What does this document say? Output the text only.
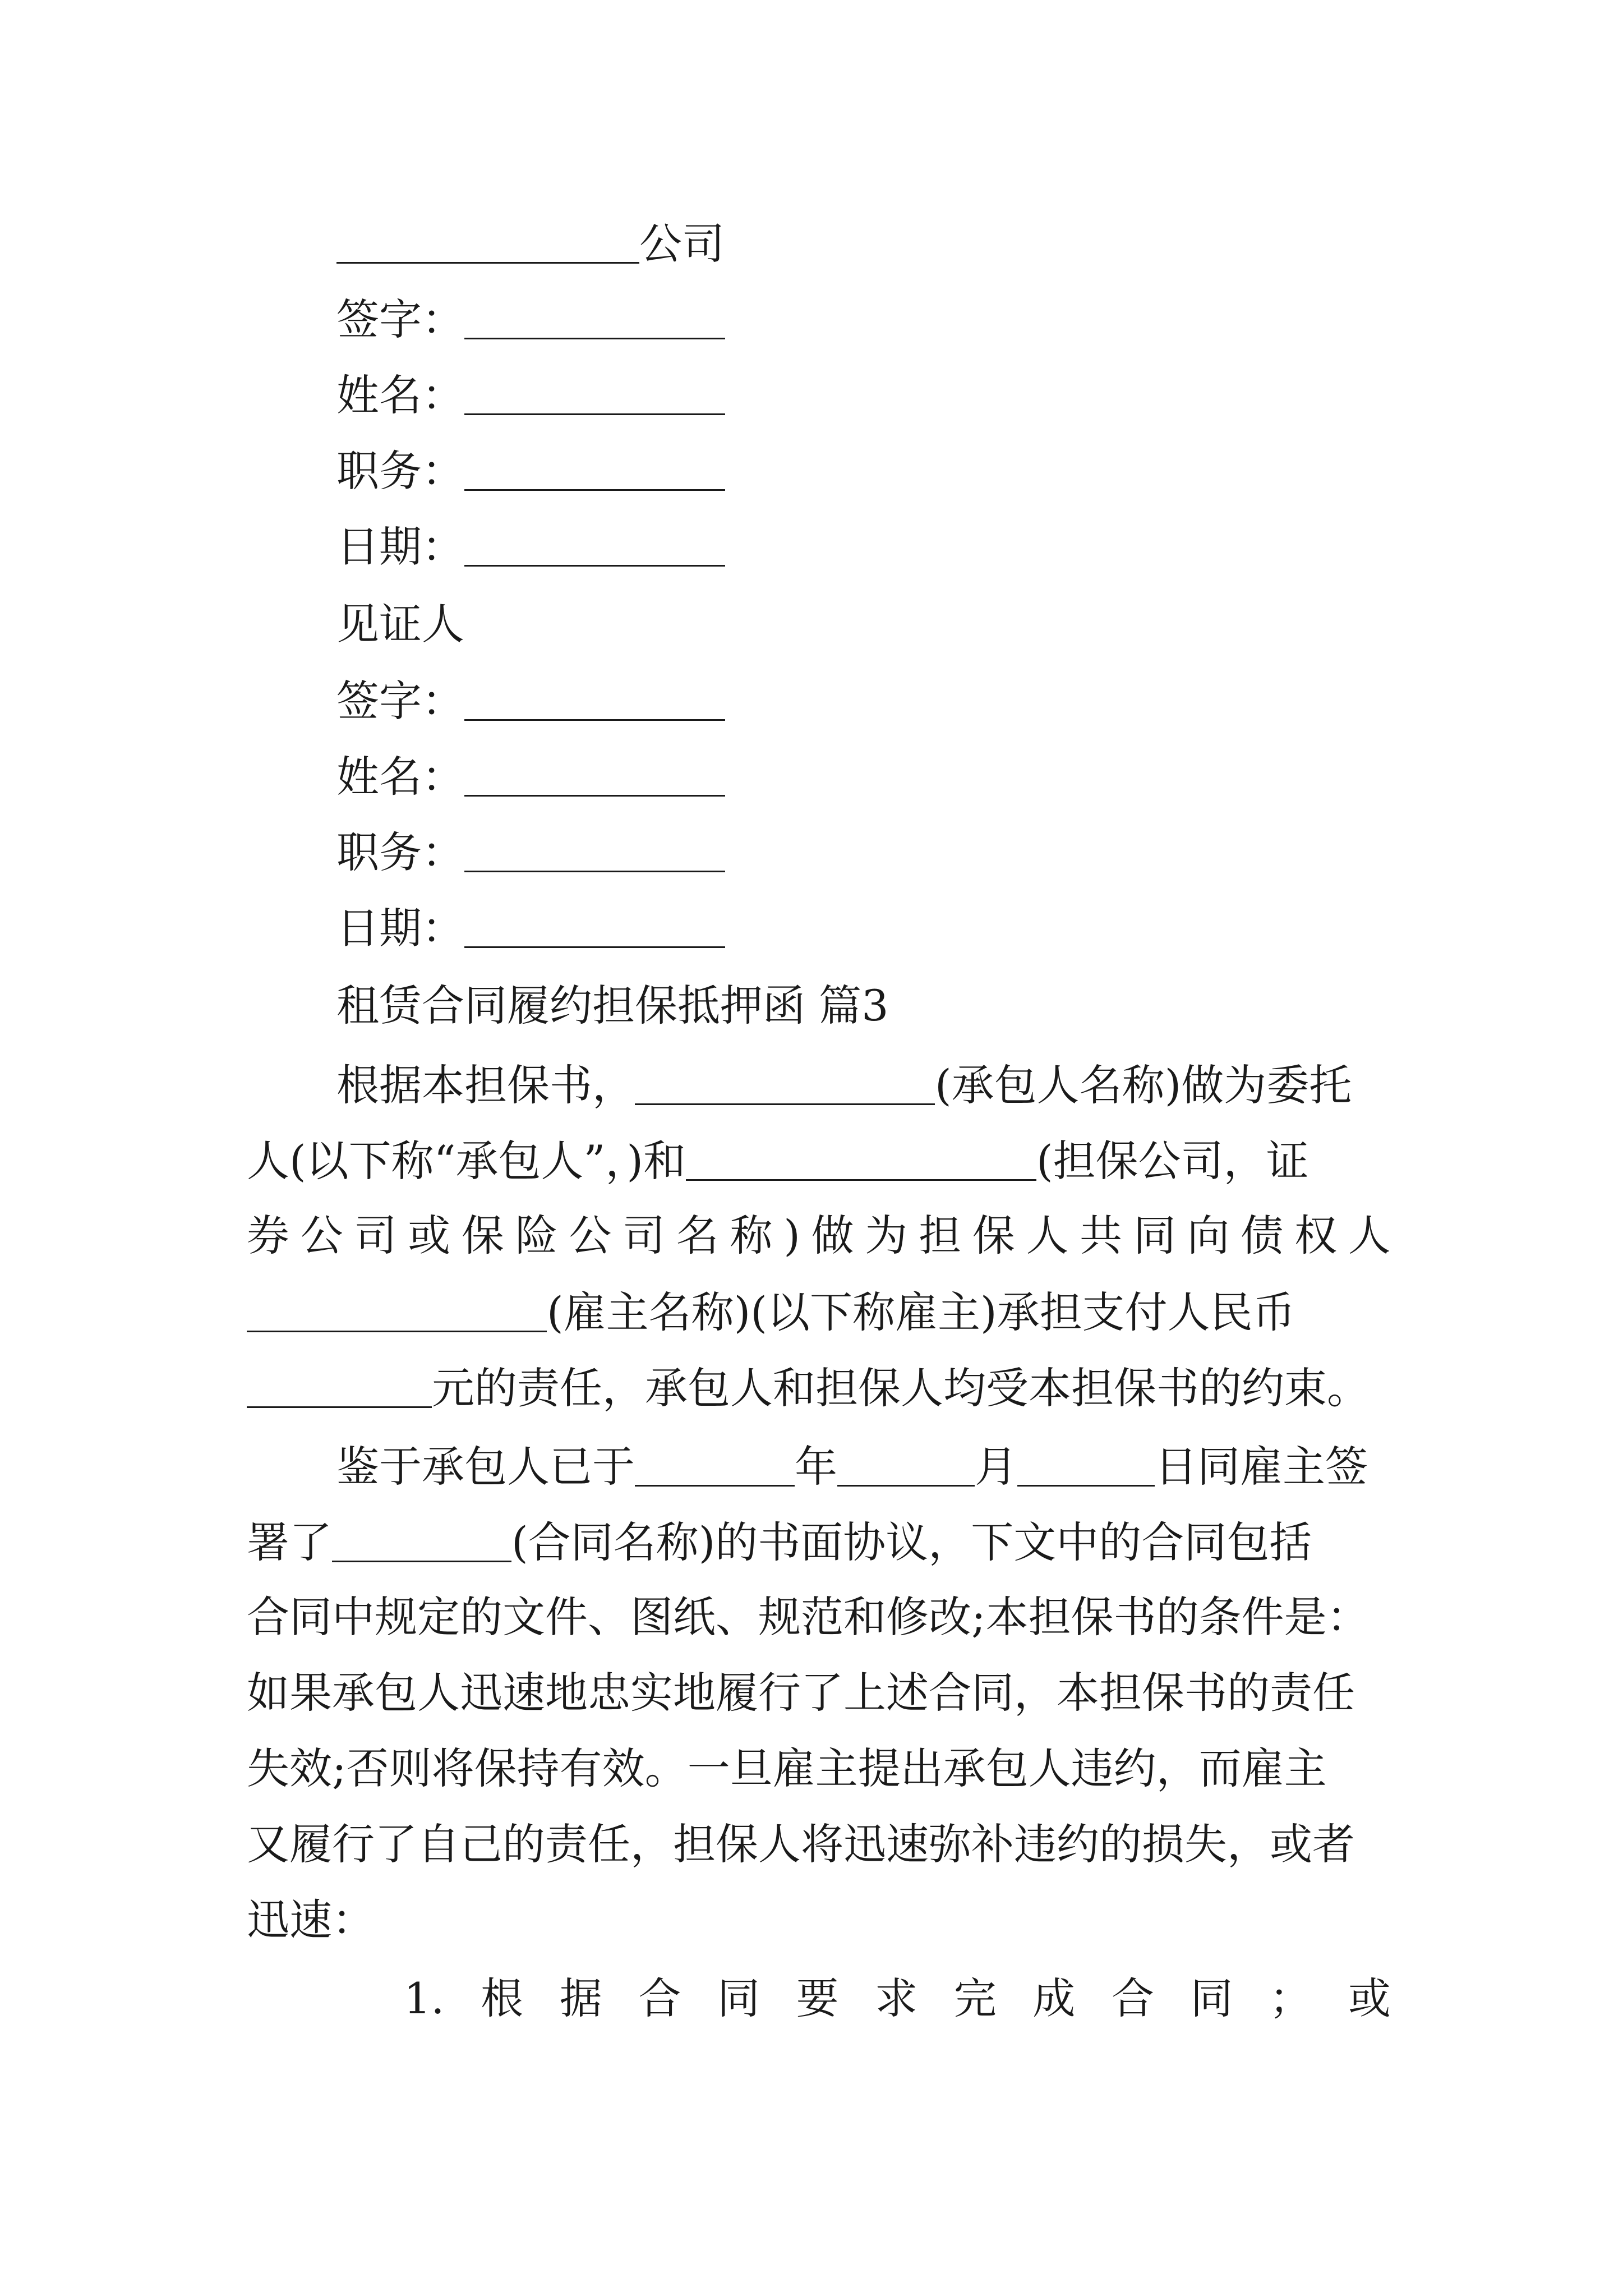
公司
签字：
姓名：
职务：
日期：
见证人
签字：
姓名：
职务：
日期：
租赁合同履约担保抵押函 篇3
根据本担保书，	(承包人名称)做为委托
人(以下称“承包人”，)和	(担保公司，证
券 公 司 或 保 险 公 司 名 称 ) 做 为 担 保 人 共 同 向 债 权 人
(雇主名称)(以下称雇主)承担支付人民币
元的责任，承包人和担保人均受本担保书的约束。
鉴于承包人已于	年	月	日同雇主签
署了	(合同名称)的书面协议，下文中的合同包括
合同中规定的文件、图纸、规范和修改;本担保书的条件是：
如果承包人迅速地忠实地履行了上述合同，本担保书的责任
失效;否则将保持有效。一旦雇主提出承包人违约，而雇主
又履行了自己的责任，担保人将迅速弥补违约的损失，或者
迅速：
1. 根 据 合 同 要 求 完 成 合 同 ； 或
